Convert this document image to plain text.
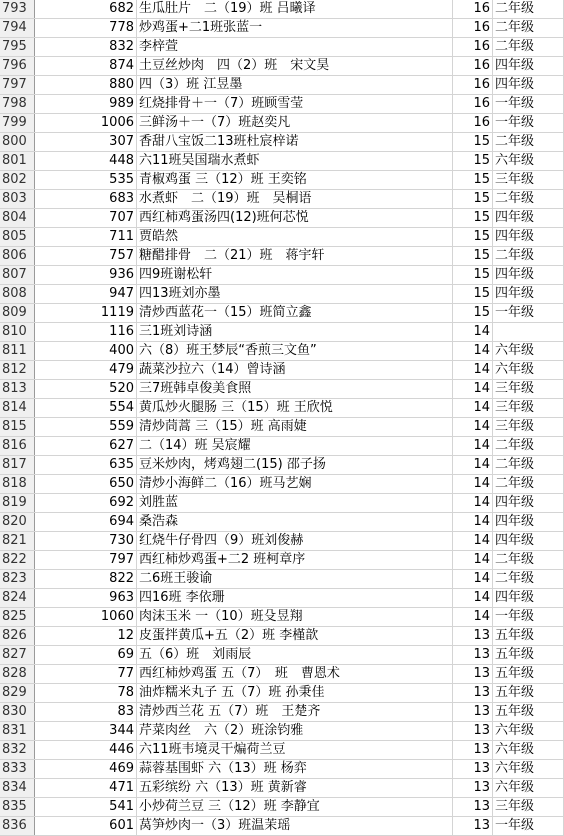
793	682 生瓜肚片　二（19）班 吕曦译	16 二年级
794	778 炒鸡蛋+二1班张蓝一	16 二年级
795	832 李梓萱	16 二年级
796	874 土豆丝炒肉　四（2）班　宋文昊	16 四年级
797	880 四（3）班 江昱墨	16 四年级
798	989 红烧排骨＋一（7）班顾雪莹	16 一年级
799	1006 三鲜汤＋一（7）班赵奕凡	16 一年级
800	307 香甜八宝饭二13班杜宸梓诺	15 二年级
801	448 六11班吴国瑞水煮虾	15 六年级
802	535 青椒鸡蛋 三（12）班 王奕铭	15 三年级
803	683 水煮虾　二（19）班　吴桐语	15 二年级
804	707 西红柿鸡蛋汤四(12)班何芯悦	15 四年级
805	711 贾皓然	15 四年级
806	757 糖醋排骨　二（21）班　蒋宇轩	15 二年级
807	936 四9班谢松轩	15 四年级
808	947 四13班刘亦墨	15 四年级
809	1119 清炒西蓝花一（15）班简立鑫	15 一年级
810	116 三1班刘诗涵	14
811	400 六（8）班王梦辰“香煎三文鱼”	14 六年级
812	479 蔬菜沙拉六（14）曾诗涵	14 六年级
813	520 三7班韩卓俊美食照	14 三年级
814	554 黄瓜炒火腿肠 三（15）班 王欣悦	14 三年级
815	559 清炒茼蒿 三（15）班 高雨婕	14 三年级
816	627 二（14）班 吴宸耀	14 二年级
817	635 豆米炒肉，烤鸡翅二(15) 邵子扬	14 二年级
818	650 清炒小海鲜二（16）班马艺娴	14 二年级
819	692 刘胜蓝	14 四年级
820	694 桑浩森	14 四年级
821	730 红烧牛仔骨四（9）班刘俊赫	14 四年级
822	797 西红柿炒鸡蛋+二2 班柯章序	14 二年级
823	822 二6班王骏谕	14 二年级
824	963 四16班 李依珊	14 四年级
825	1060 肉沫玉米 一（10）班殳昱翔	14 一年级
826	12 皮蛋拌黄瓜+五（2）班 李槿歆	13 五年级
827	69 五（6）班　刘雨辰	13 五年级
828	77 西红柿炒鸡蛋 五（7）　班　曹恩术	13 五年级
829	78 油炸糯米丸子 五（7）班 孙秉佳	13 五年级
830	83 清炒西兰花 五（7）班　王楚齐	13 五年级
831	344 芹菜肉丝　六（2）班涂钧雅	13 六年级
832	446 六11班韦境灵干煸荷兰豆	13 六年级
833	469 蒜蓉基围虾 六（13）班 杨弈	13 六年级
834	471 五彩缤纷 六（13）班 黄新睿	13 六年级
835	541 小炒荷兰豆 三（12）班 李静宜	13 三年级
836	601 莴笋炒肉一（3）班温茉瑶	13 一年级
